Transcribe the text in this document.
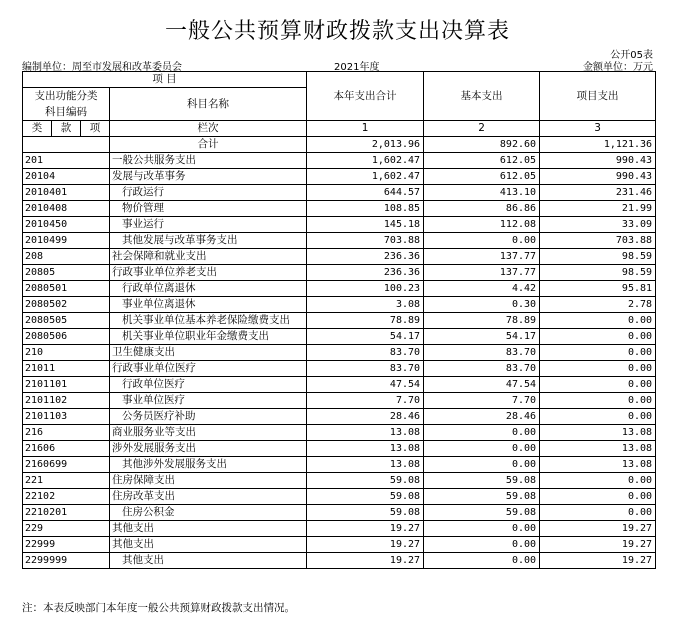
一般公共预算财政拨款支出决算表
公开05表
编制单位：周至市发展和改革委员会	2021年度	金额单位：万元
项 目				本年支出合计	基本支出	项目支出
支出功能分类
科目编码			科目名称			

类	款	项				
			栏次	1	2	3
			合计	2,013.96	892.60	1,121.36
201			一般公共服务支出	1,602.47	612.05	990.43
20104			发展与改革事务	1,602.47	612.05	990.43
2010401			行政运行	644.57	413.10	231.46
2010408			物价管理	108.85	86.86	21.99
2010450			事业运行	145.18	112.08	33.09
2010499			其他发展与改革事务支出	703.88	0.00	703.88
208			社会保障和就业支出	236.36	137.77	98.59
20805			行政事业单位养老支出	236.36	137.77	98.59
2080501			行政单位离退休	100.23	4.42	95.81
2080502			事业单位离退休	3.08	0.30	2.78
2080505			机关事业单位基本养老保险缴费支出	78.89	78.89	0.00
2080506			机关事业单位职业年金缴费支出	54.17	54.17	0.00
210			卫生健康支出	83.70	83.70	0.00
21011			行政事业单位医疗	83.70	83.70	0.00
2101101			行政单位医疗	47.54	47.54	0.00
2101102			事业单位医疗	7.70	7.70	0.00
2101103			公务员医疗补助	28.46	28.46	0.00
216			商业服务业等支出	13.08	0.00	13.08
21606			涉外发展服务支出	13.08	0.00	13.08
2160699			其他涉外发展服务支出	13.08	0.00	13.08
221			住房保障支出	59.08	59.08	0.00
22102			住房改革支出	59.08	59.08	0.00
2210201			住房公积金	59.08	59.08	0.00
229			其他支出	19.27	0.00	19.27
22999			其他支出	19.27	0.00	19.27
2299999			其他支出	19.27	0.00	19.27
注：本表反映部门本年度一般公共预算财政拨款支出情况。
